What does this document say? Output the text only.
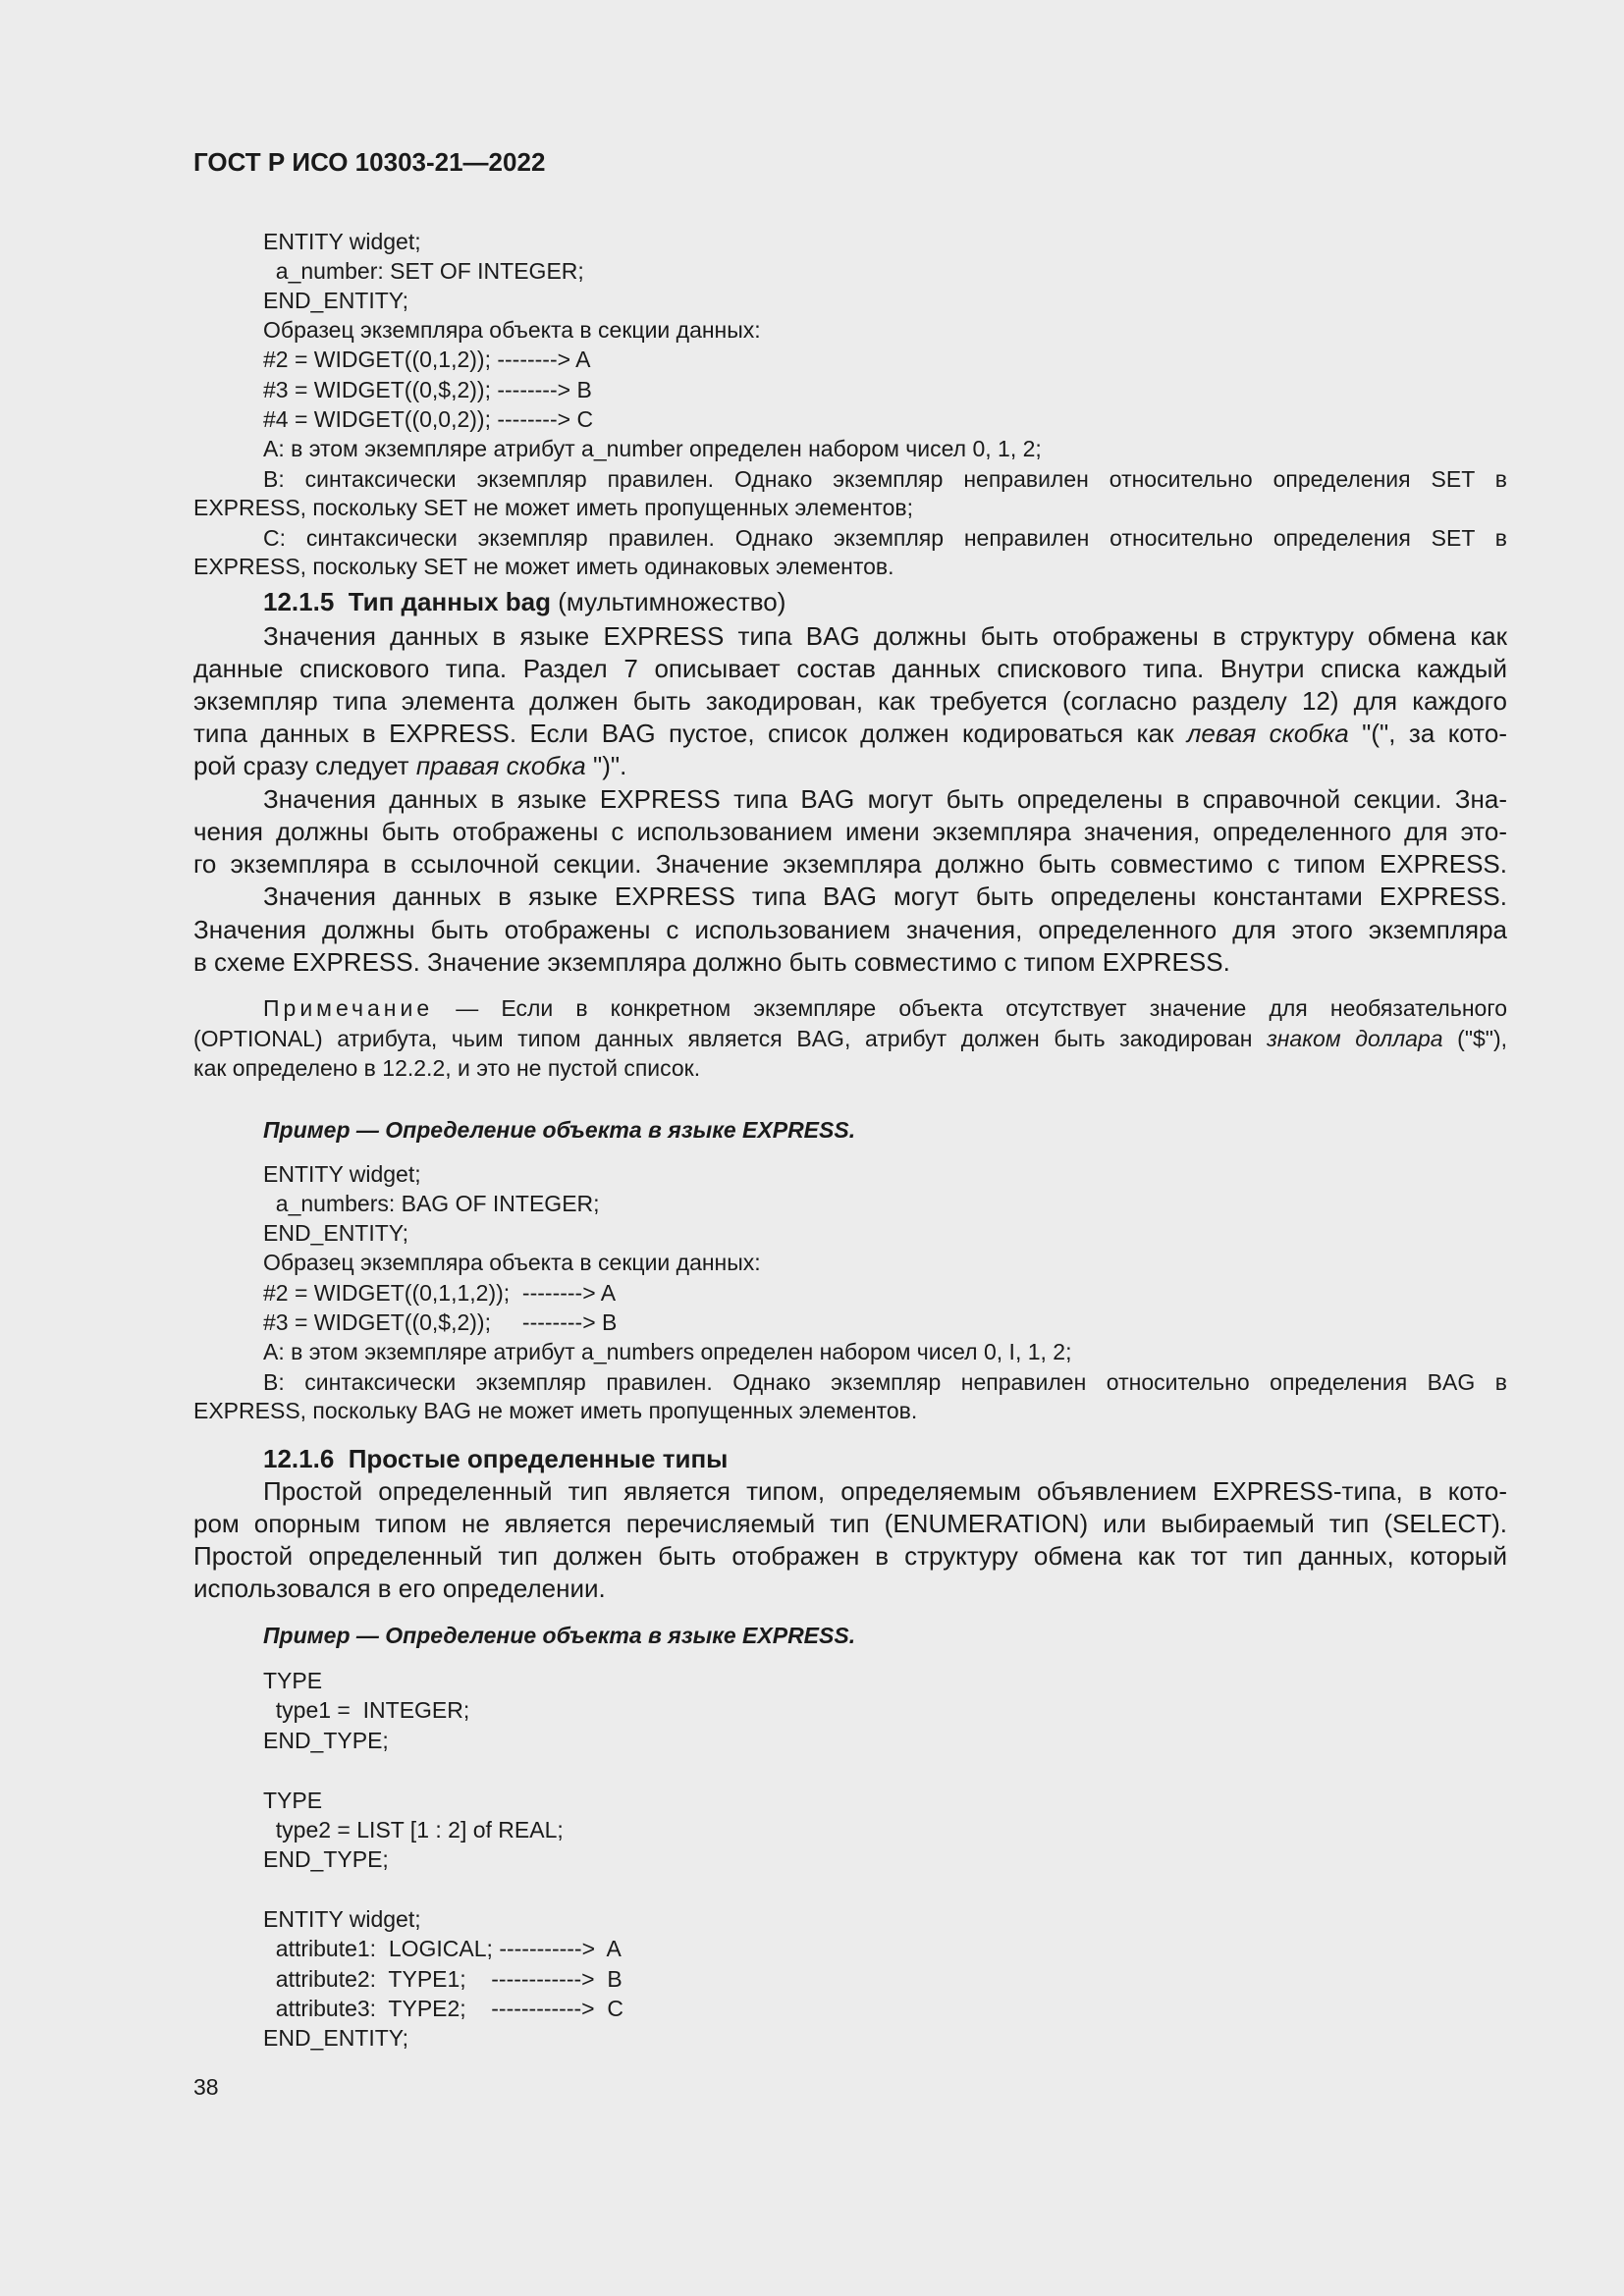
ГОСТ Р ИСО 10303-21—2022

ENTITY widget;

a_number: SET OF INTEGER;

END_ENTITY;

Образец экземпляра объекта в секции данных:

#2 = WIDGET((0,1,2)); --------> A

#3 = WIDGET((0,$,2)); --------> B

#4 = WIDGET((0,0,2)); --------> C

A: в этом экземпляре атрибут a_number определен набором чисел 0, 1, 2;

B: синтаксически экземпляр правилен. Однако экземпляр неправилен относительно определения SET в

EXPRESS, поскольку SET не может иметь пропущенных элементов;

C: синтаксически экземпляр правилен. Однако экземпляр неправилен относительно определения SET в

EXPRESS, поскольку SET не может иметь одинаковых элементов.

12.1.5  Тип данных bag (мультимножество)

Значения данных в языке EXPRESS типа BAG должны быть отображены в структуру обмена как

данные спискового типа. Раздел 7 описывает состав данных спискового типа. Внутри списка каждый

экземпляр типа элемента должен быть закодирован, как требуется (согласно разделу 12) для каждого

типа данных в EXPRESS. Если BAG пустое, список должен кодироваться как левая скобка "(", за кото-

рой сразу следует правая скобка ")".

Значения данных в языке EXPRESS типа BAG могут быть определены в справочной секции. Зна-

чения должны быть отображены с использованием имени экземпляра значения, определенного для это-

го экземпляра в ссылочной секции. Значение экземпляра должно быть совместимо с типом EXPRESS.

Значения данных в языке EXPRESS типа BAG могут быть определены константами EXPRESS.

Значения должны быть отображены с использованием значения, определенного для этого экземпляра

в схеме EXPRESS. Значение экземпляра должно быть совместимо с типом EXPRESS.

Примечание — Если в конкретном экземпляре объекта отсутствует значение для необязательного

(OPTIONAL) атрибута, чьим типом данных является BAG, атрибут должен быть закодирован знаком доллара ("$"),

как определено в 12.2.2, и это не пустой список.

Пример — Определение объекта в языке EXPRESS.

ENTITY widget;

a_numbers: BAG OF INTEGER;

END_ENTITY;

Образец экземпляра объекта в секции данных:

#2 = WIDGET((0,1,1,2));  --------> A

#3 = WIDGET((0,$,2));     --------> B

A: в этом экземпляре атрибут a_numbers определен набором чисел 0, I, 1, 2;

B: синтаксически экземпляр правилен. Однако экземпляр неправилен относительно определения BAG в

EXPRESS, поскольку BAG не может иметь пропущенных элементов.

12.1.6  Простые определенные типы

Простой определенный тип является типом, определяемым объявлением EXPRESS-типа, в кото-

ром опорным типом не является перечисляемый тип (ENUMERATION) или выбираемый тип (SELECT).

Простой определенный тип должен быть отображен в структуру обмена как тот тип данных, который

использовался в его определении.

Пример — Определение объекта в языке EXPRESS.

TYPE

type1 =  INTEGER;

END_TYPE;

TYPE

type2 = LIST [1 : 2] of REAL;

END_TYPE;

ENTITY widget;

attribute1:  LOGICAL; ----------->  A

attribute2:  TYPE1;    ------------>  B

attribute3:  TYPE2;    ------------>  C

END_ENTITY;

38
